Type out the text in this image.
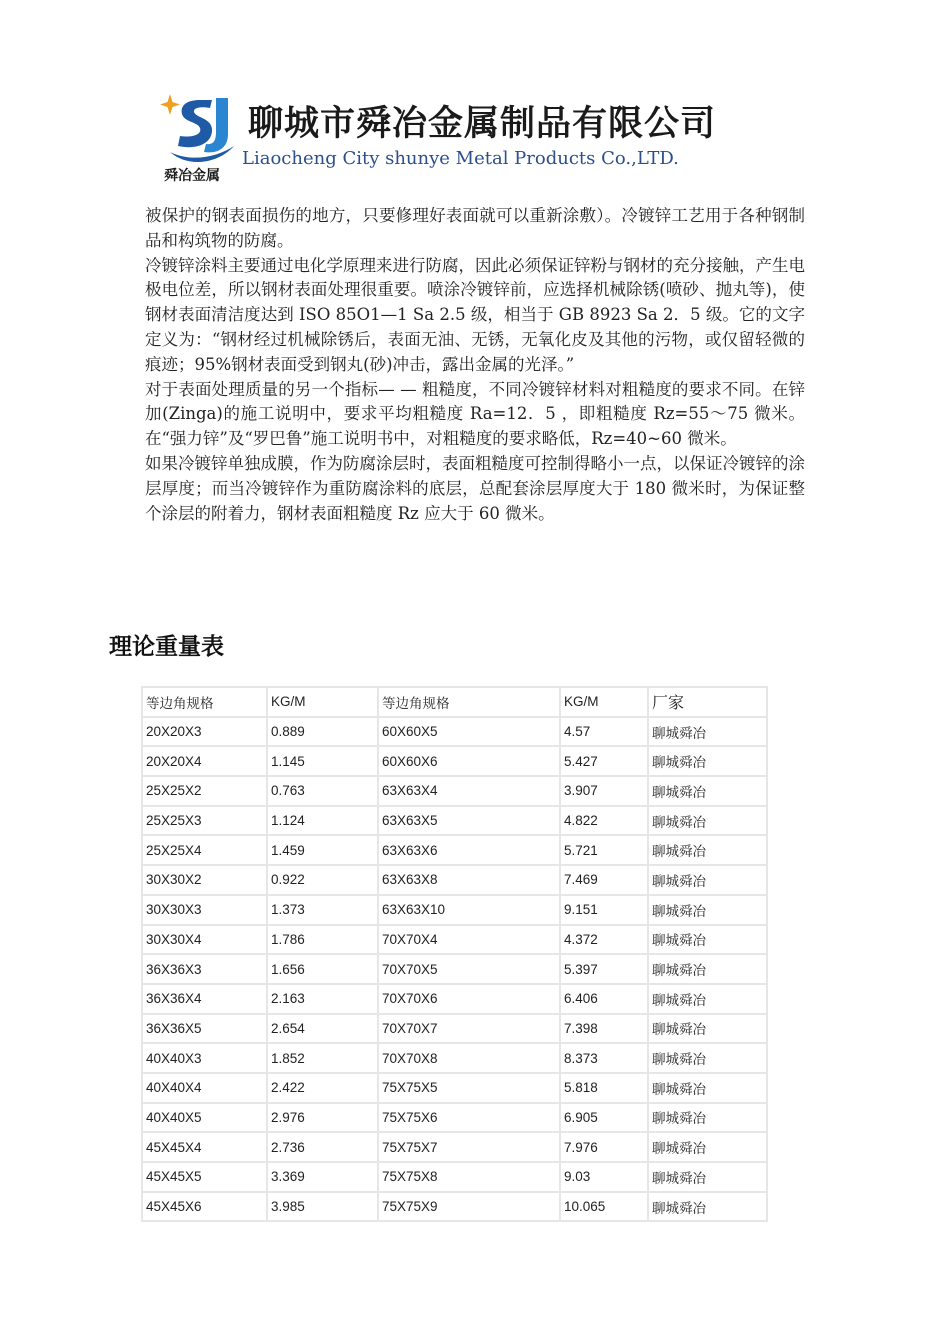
舜冶金属
聊城市舜冶金属制品有限公司
Liaocheng City shunye Metal Products Co.,LTD.

被保护的钢表面损伤的地方，只要修理好表面就可以重新涂敷）。冷镀锌工艺用于各种钢制品和构筑物的防腐。

冷镀锌涂料主要通过电化学原理来进行防腐，因此必须保证锌粉与钢材的充分接触，产生电极电位差，所以钢材表面处理很重要。喷涂冷镀锌前，应选择机械除锈(喷砂、抛丸等)，使钢材表面清洁度达到 ISO 85O1—1 Sa 2.5 级，相当于 GB 8923 Sa 2．5 级。它的文字定义为：“钢材经过机械除锈后，表面无油、无锈，无氧化皮及其他的污物，或仅留轻微的痕迹；95%钢材表面受到钢丸(砂)冲击，露出金属的光泽。”

对于表面处理质量的另一个指标— — 粗糙度，不同冷镀锌材料对粗糙度的要求不同。在锌加(Zinga)的施工说明中，要求平均粗糙度 Ra=12．5 ，即粗糙度 Rz=55～75 微米。在“强力锌”及“罗巴鲁”施工说明书中，对粗糙度的要求略低，Rz=40~60 微米。

如果冷镀锌单独成膜，作为防腐涂层时，表面粗糙度可控制得略小一点，以保证冷镀锌的涂层厚度；而当冷镀锌作为重防腐涂料的底层，总配套涂层厚度大于 180 微米时，为保证整个涂层的附着力，钢材表面粗糙度 Rz 应大于 60 微米。

理论重量表
等边角规格	KG/M	等边角规格	KG/M	厂家
20X20X3	0.889	60X60X5	4.57	聊城舜冶
20X20X4	1.145	60X60X6	5.427	聊城舜冶
25X25X2	0.763	63X63X4	3.907	聊城舜冶
25X25X3	1.124	63X63X5	4.822	聊城舜冶
25X25X4	1.459	63X63X6	5.721	聊城舜冶
30X30X2	0.922	63X63X8	7.469	聊城舜冶
30X30X3	1.373	63X63X10	9.151	聊城舜冶
30X30X4	1.786	70X70X4	4.372	聊城舜冶
36X36X3	1.656	70X70X5	5.397	聊城舜冶
36X36X4	2.163	70X70X6	6.406	聊城舜冶
36X36X5	2.654	70X70X7	7.398	聊城舜冶
40X40X3	1.852	70X70X8	8.373	聊城舜冶
40X40X4	2.422	75X75X5	5.818	聊城舜冶
40X40X5	2.976	75X75X6	6.905	聊城舜冶
45X45X4	2.736	75X75X7	7.976	聊城舜冶
45X45X5	3.369	75X75X8	9.03	聊城舜冶
45X45X6	3.985	75X75X9	10.065	聊城舜冶
